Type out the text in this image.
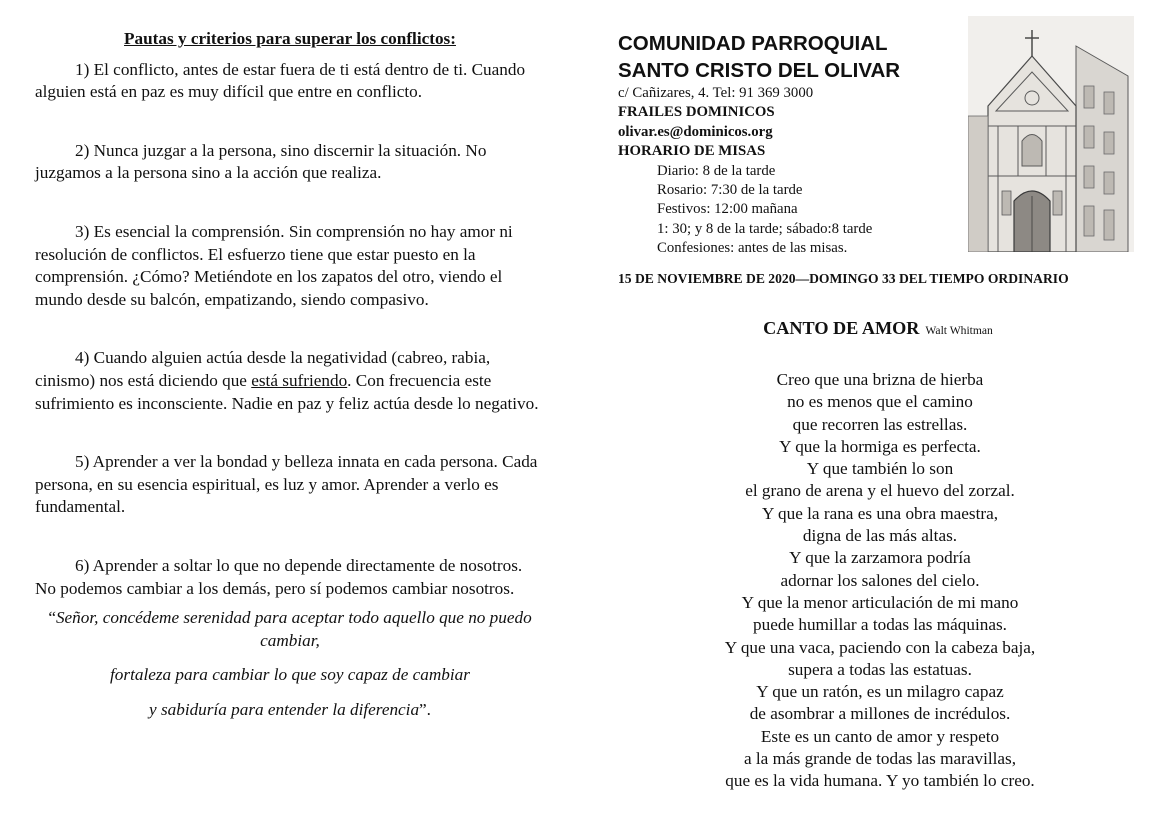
Pautas y criterios para superar los conflictos:

1) El conflicto, antes de estar fuera de ti está dentro de ti. Cuando alguien está en paz es muy difícil que entre en conflicto.

2) Nunca juzgar a la persona, sino discernir la situación. No juzgamos a la persona sino a la acción que realiza.

3) Es esencial la comprensión. Sin comprensión no hay amor ni resolución de conflictos. El esfuerzo tiene que estar puesto en la comprensión. ¿Cómo? Metiéndote en los zapatos del otro, viendo el mundo desde su balcón, empatizando, siendo compasivo.

4) Cuando alguien actúa desde la negatividad (cabreo, rabia, cinismo) nos está diciendo que está sufriendo. Con frecuencia este sufrimiento es inconsciente. Nadie en paz y feliz actúa desde lo negativo.

5) Aprender a ver la bondad y belleza innata en cada persona. Cada persona, en su esencia espiritual, es luz y amor. Aprender a verlo es fundamental.

6) Aprender a soltar lo que no depende directamente de nosotros. No podemos cambiar a los demás, pero sí podemos cambiar nosotros.

“Señor, concédeme serenidad para aceptar todo aquello que no puedo cambiar,

fortaleza para cambiar lo que soy capaz de cambiar

y sabiduría para entender la diferencia”.

COMUNIDAD PARROQUIAL

SANTO CRISTO DEL OLIVAR

c/ Cañizares, 4. Tel: 91 369 3000

FRAILES DOMINICOS

olivar.es@dominicos.org

HORARIO DE MISAS

Diario: 8 de la tarde

Rosario: 7:30 de la tarde

Festivos: 12:00 mañana

1: 30; y 8 de la tarde; sábado:8 tarde

Confesiones: antes de las misas.

15 DE NOVIEMBRE DE 2020—DOMINGO 33 DEL TIEMPO ORDINARIO
CANTO DE AMOR Walt Whitman
Creo que una brizna de hierba
no es menos que el camino
que recorren las estrellas.
Y que la hormiga es perfecta.
Y que también lo son
el grano de arena y el huevo del zorzal.
Y que la rana es una obra maestra,
digna de las más altas.
Y que la zarzamora podría
adornar los salones del cielo.
Y que la menor articulación de mi mano
puede humillar a todas las máquinas.
Y que una vaca, paciendo con la cabeza baja,
supera a todas las estatuas.
Y que un ratón, es un milagro capaz
de asombrar a millones de incrédulos.
Este es un canto de amor y respeto
a la más grande de todas las maravillas,
que es la vida humana. Y yo también lo creo.
